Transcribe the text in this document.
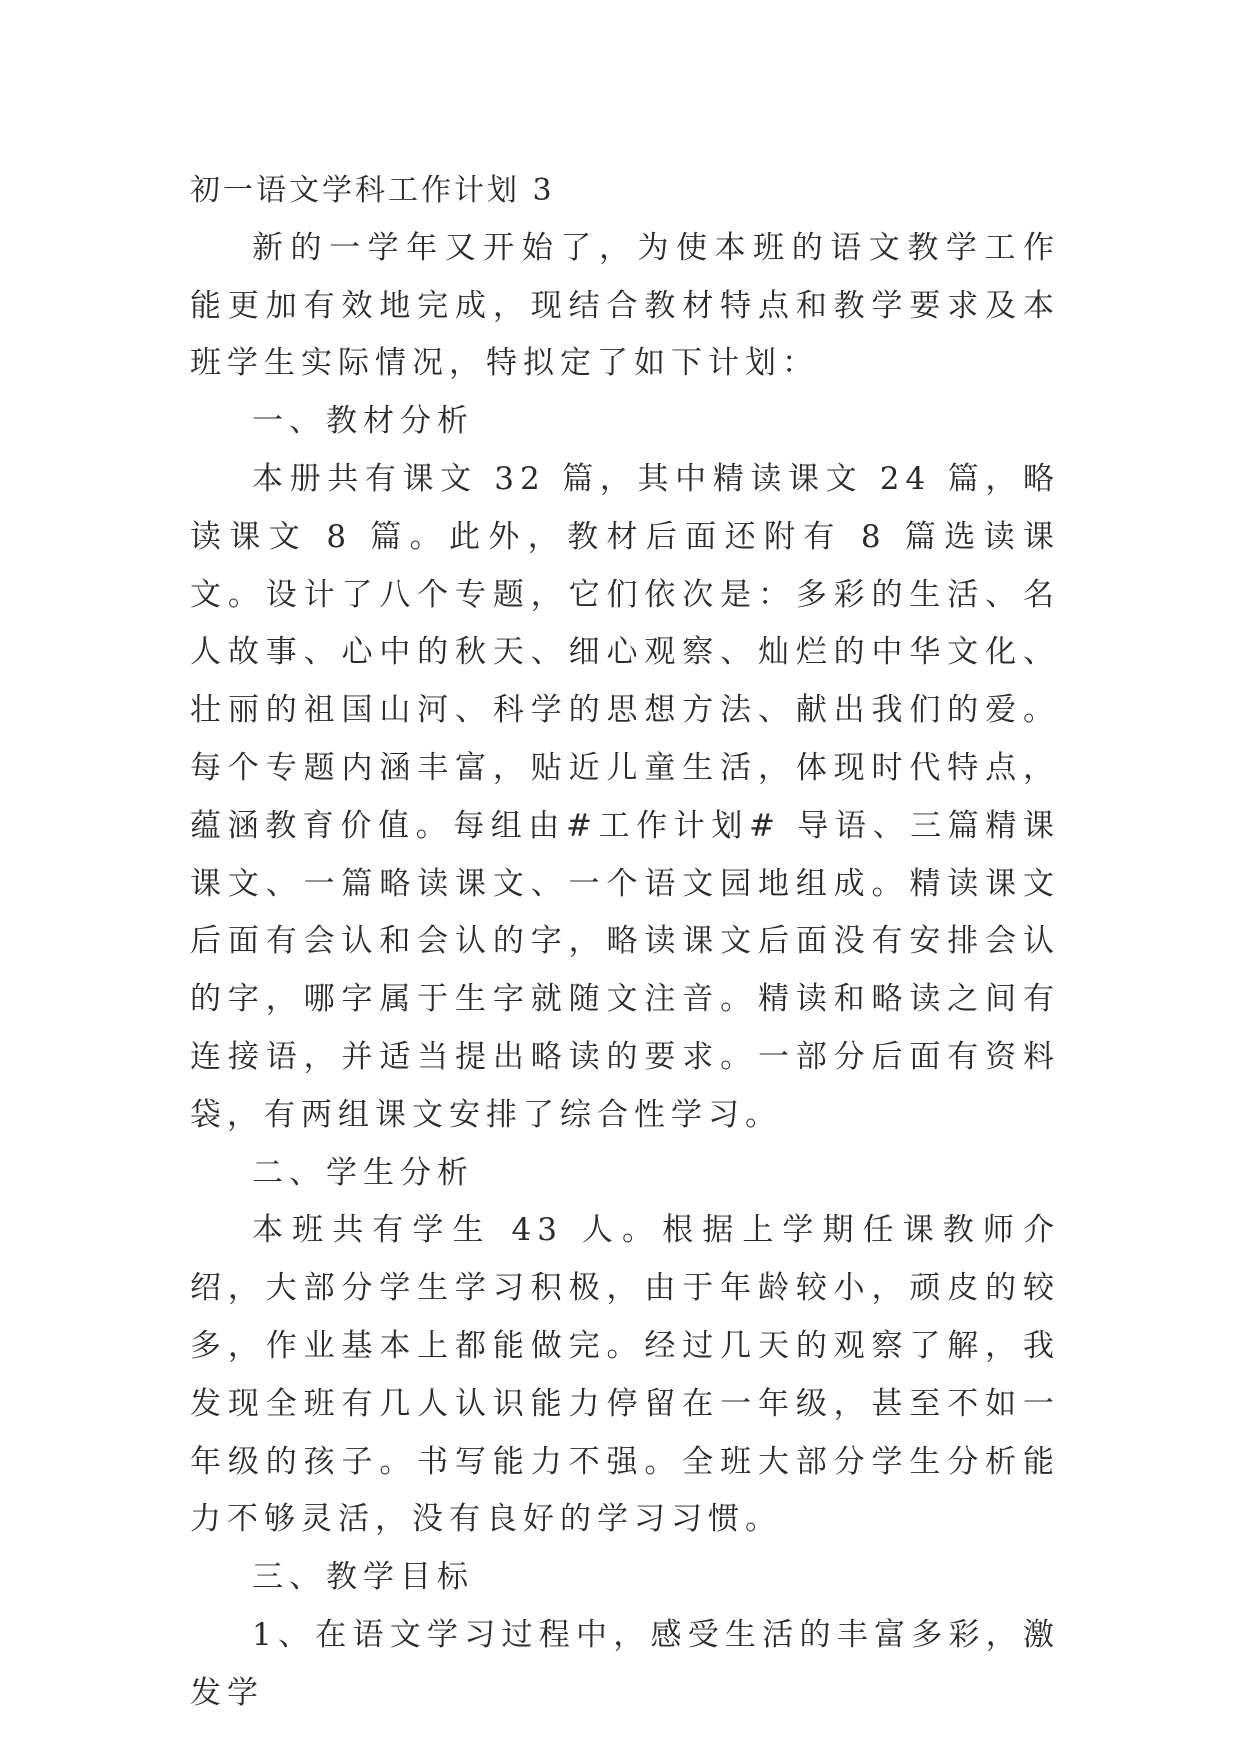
初一语文学科工作计划 3

新的一学年又开始了，为使本班的语文教学工作能更加有效地完成，现结合教材特点和教学要求及本班学生实际情况，特拟定了如下计划：

一、教材分析

本册共有课文 32 篇，其中精读课文 24 篇，略读课文 8 篇。此外，教材后面还附有 8 篇选读课文。设计了八个专题，它们依次是：多彩的生活、名人故事、心中的秋天、细心观察、灿烂的中华文化、壮丽的祖国山河、科学的思想方法、献出我们的爱。每个专题内涵丰富，贴近儿童生活，体现时代特点，蕴涵教育价值。每组由#工作计划# 导语、三篇精课课文、一篇略读课文、一个语文园地组成。精读课文后面有会认和会认的字，略读课文后面没有安排会认的字，哪字属于生字就随文注音。精读和略读之间有连接语，并适当提出略读的要求。一部分后面有资料袋，有两组课文安排了综合性学习。

二、学生分析

本班共有学生 43 人。根据上学期任课教师介绍，大部分学生学习积极，由于年龄较小，顽皮的较多，作业基本上都能做完。经过几天的观察了解，我发现全班有几人认识能力停留在一年级，甚至不如一年级的孩子。书写能力不强。全班大部分学生分析能力不够灵活，没有良好的学习习惯。

三、教学目标

1、在语文学习过程中，感受生活的丰富多彩，激发学
